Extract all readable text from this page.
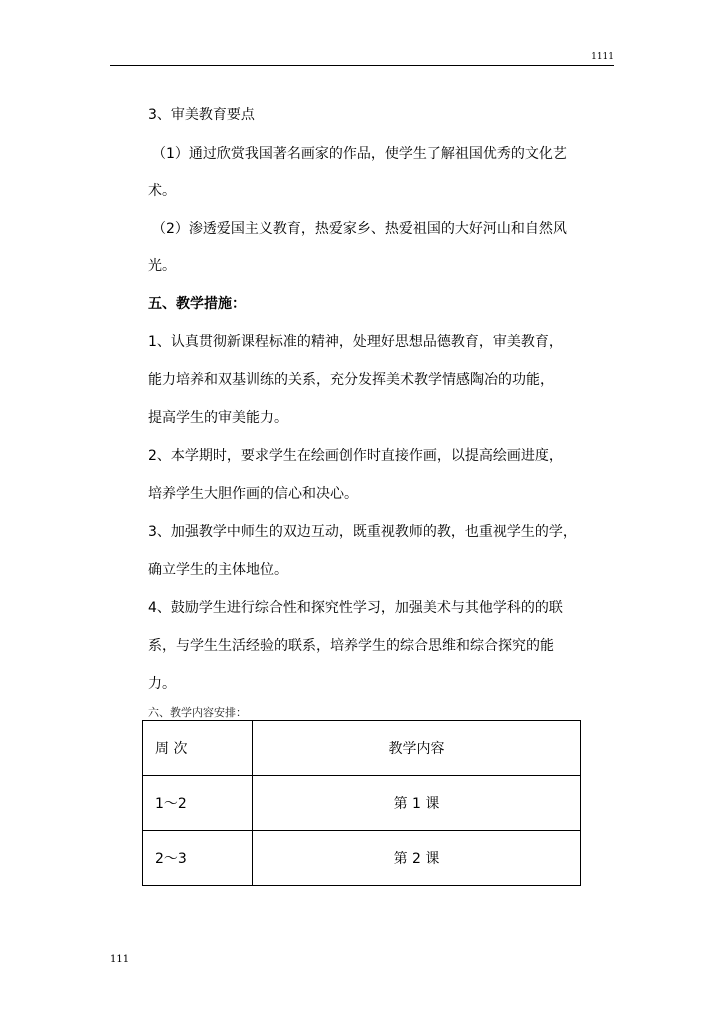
1111
3、审美教育要点
（1）通过欣赏我国著名画家的作品，使学生了解祖国优秀的文化艺
术。
（2）渗透爱国主义教育，热爱家乡、热爱祖国的大好河山和自然风
光。
五、教学措施：
1、认真贯彻新课程标准的精神，处理好思想品德教育，审美教育，
能力培养和双基训练的关系，充分发挥美术教学情感陶冶的功能，
提高学生的审美能力。
2、本学期时，要求学生在绘画创作时直接作画，以提高绘画进度，
培养学生大胆作画的信心和决心。
3、加强教学中师生的双边互动，既重视教师的教，也重视学生的学，
确立学生的主体地位。
4、鼓励学生进行综合性和探究性学习，加强美术与其他学科的的联
系，与学生生活经验的联系，培养学生的综合思维和综合探究的能
力。
六、教学内容安排：
周 次	教学内容
1～2	第 1 课
2～3	第 2 课
111
